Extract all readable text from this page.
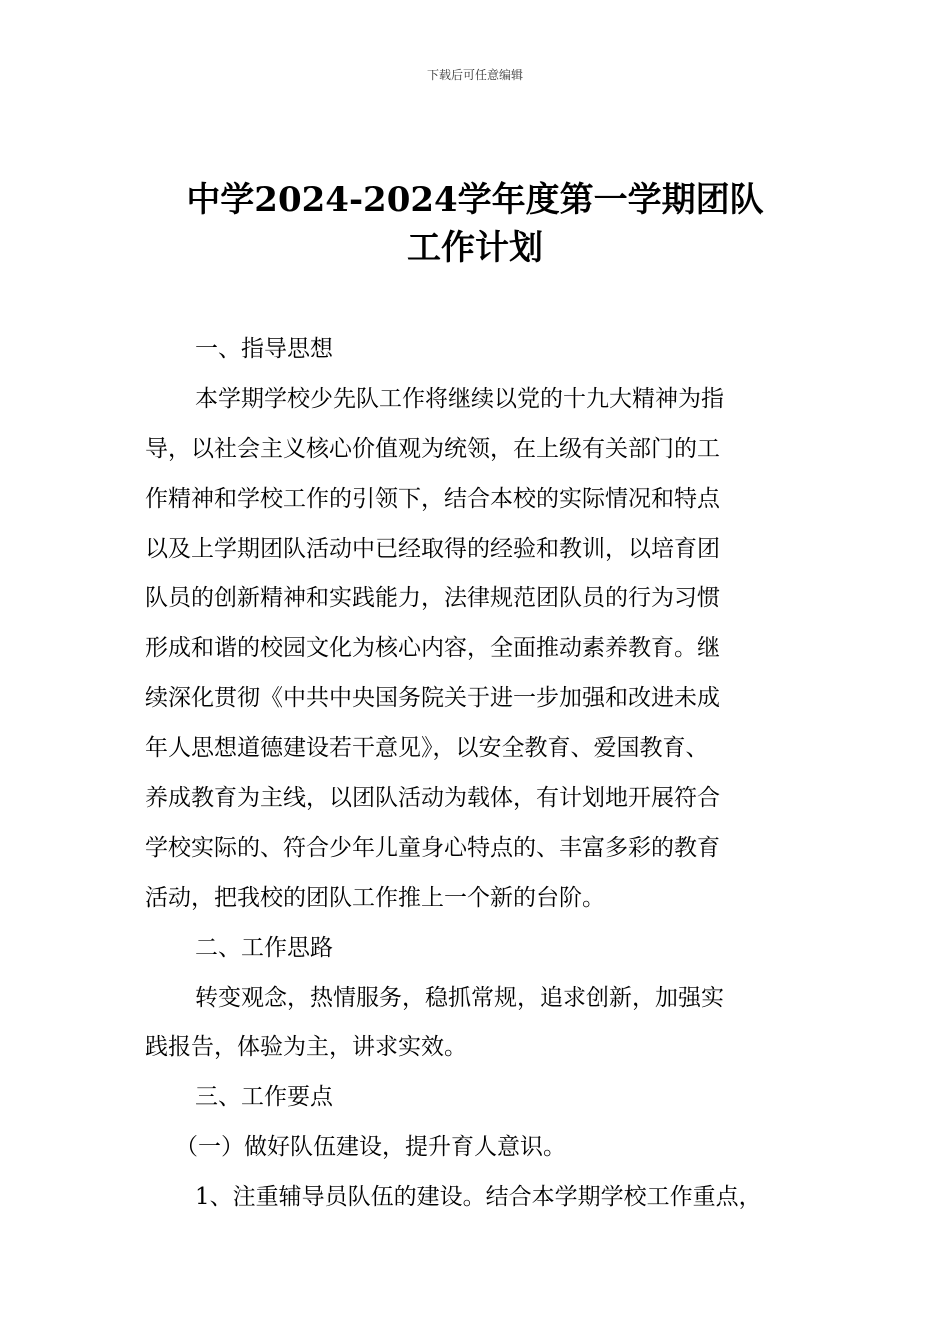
下载后可任意编辑
中学2024-2024学年度第一学期团队
工作计划
一、指导思想
本学期学校少先队工作将继续以党的十九大精神为指
导，以社会主义核心价值观为统领，在上级有关部门的工
作精神和学校工作的引领下，结合本校的实际情况和特点
以及上学期团队活动中已经取得的经验和教训，以培育团
队员的创新精神和实践能力，法律规范团队员的行为习惯
形成和谐的校园文化为核心内容，全面推动素养教育。继
续深化贯彻《中共中央国务院关于进一步加强和改进未成
年人思想道德建设若干意见》，以安全教育、爱国教育、
养成教育为主线，以团队活动为载体，有计划地开展符合
学校实际的、符合少年儿童身心特点的、丰富多彩的教育
活动，把我校的团队工作推上一个新的台阶。
二、工作思路
转变观念，热情服务，稳抓常规，追求创新，加强实
践报告，体验为主，讲求实效。
三、工作要点
（一）做好队伍建设，提升育人意识。
1、注重辅导员队伍的建设。结合本学期学校工作重点，
